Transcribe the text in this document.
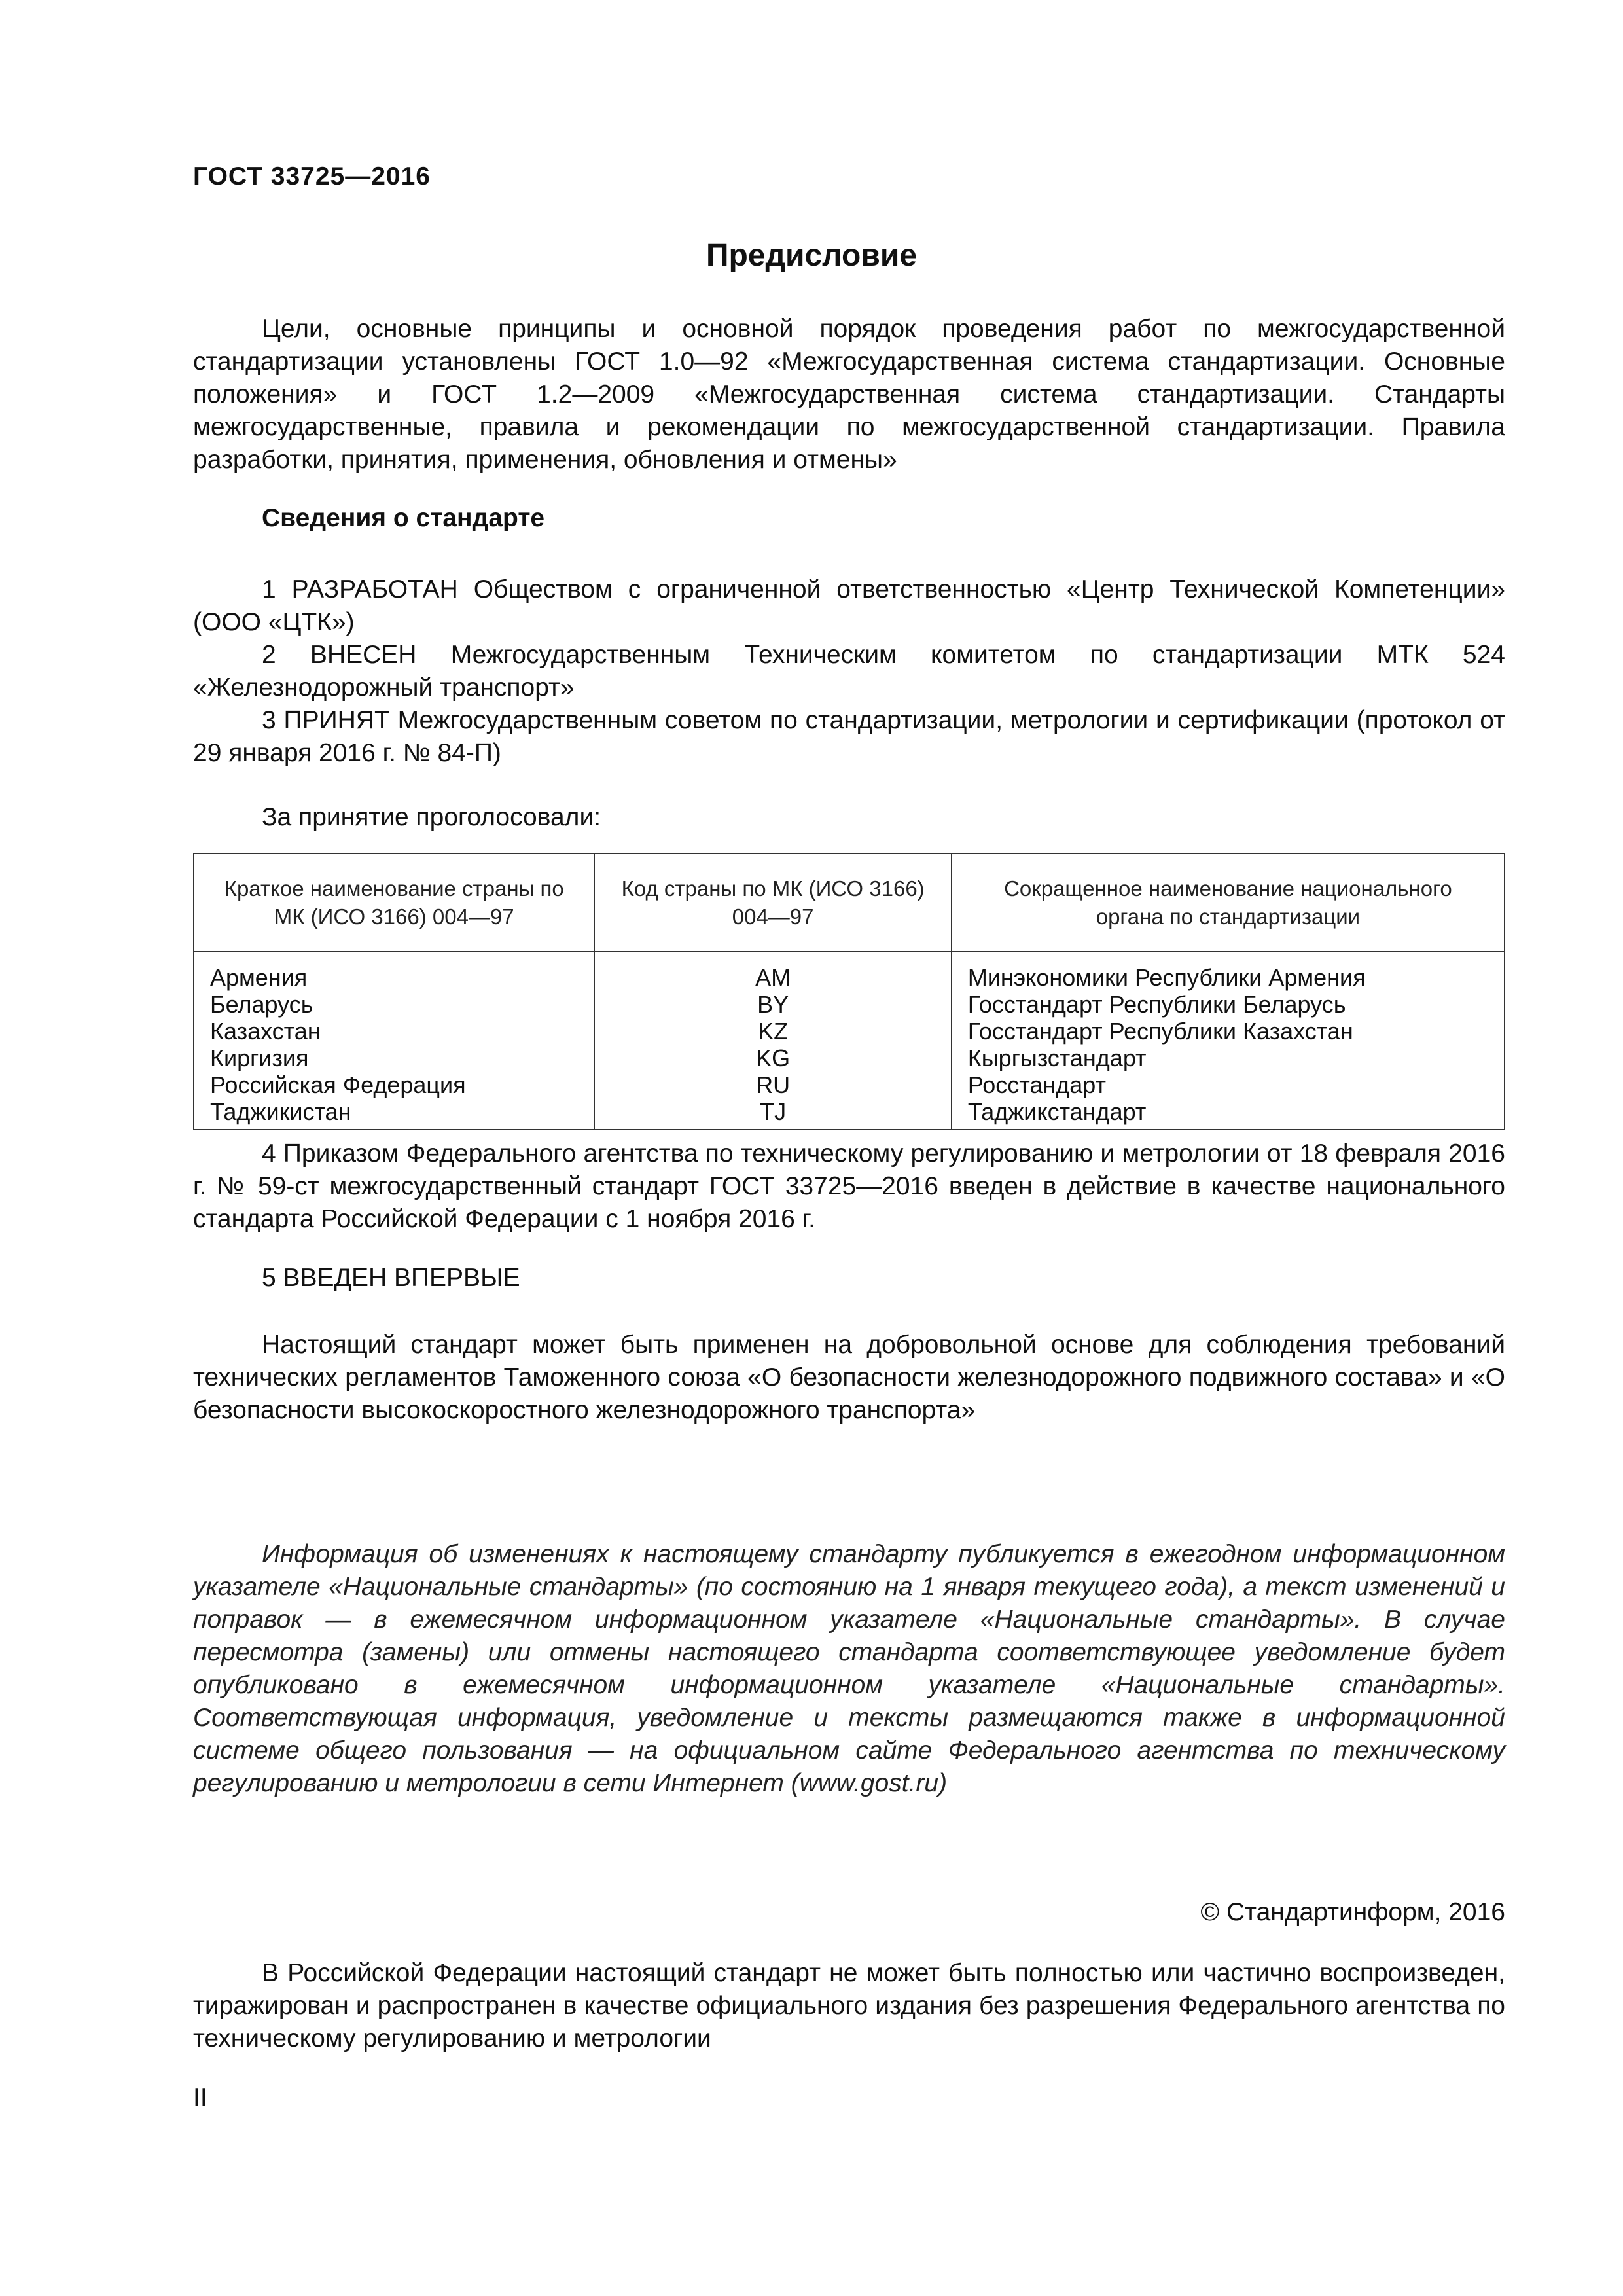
ГОСТ 33725—2016
Предисловие
Цели, основные принципы и основной порядок проведения работ по межгосударственной стандартизации установлены ГОСТ 1.0—92 «Межгосударственная система стандартизации. Основные положения» и ГОСТ 1.2—2009 «Межгосударственная система стандартизации. Стандарты межгосударственные, правила и рекомендации по межгосударственной стандартизации. Правила разработки, принятия, применения, обновления и отмены»
Сведения о стандарте
1 РАЗРАБОТАН Обществом с ограниченной ответственностью «Центр Технической Компетенции» (ООО «ЦТК»)
2 ВНЕСЕН Межгосударственным Техническим комитетом по стандартизации МТК 524 «Железнодорожный транспорт»
3 ПРИНЯТ Межгосударственным советом по стандартизации, метрологии и сертификации (протокол от 29 января 2016 г. № 84-П)
За принятие проголосовали:
Краткое наименование страны по МК (ИСО 3166) 004—97	Код страны по МК (ИСО 3166) 004—97	Сокращенное наименование национального органа по стандартизации
Армения	AM	Минэкономики Республики Армения
Беларусь	BY	Госстандарт Республики Беларусь
Казахстан	KZ	Госстандарт Республики Казахстан
Киргизия	KG	Кыргызстандарт
Российская Федерация	RU	Росстандарт
Таджикистан	TJ	Таджикстандарт
4 Приказом Федерального агентства по техническому регулированию и метрологии от 18 февраля 2016 г. № 59-ст межгосударственный стандарт ГОСТ 33725—2016 введен в действие в качестве национального стандарта Российской Федерации с 1 ноября 2016 г.
5 ВВЕДЕН ВПЕРВЫЕ
Настоящий стандарт может быть применен на добровольной основе для соблюдения требований технических регламентов Таможенного союза «О безопасности железнодорожного подвижного состава» и «О безопасности высокоскоростного железнодорожного транспорта»
Информация об изменениях к настоящему стандарту публикуется в ежегодном информационном указателе «Национальные стандарты» (по состоянию на 1 января текущего года), а текст изменений и поправок — в ежемесячном информационном указателе «Национальные стандарты». В случае пересмотра (замены) или отмены настоящего стандарта соответствующее уведомление будет опубликовано в ежемесячном информационном указателе «Национальные стандарты». Соответствующая информация, уведомление и тексты размещаются также в информационной системе общего пользования — на официальном сайте Федерального агентства по техническому регулированию и метрологии в сети Интернет (www.gost.ru)
© Стандартинформ, 2016
В Российской Федерации настоящий стандарт не может быть полностью или частично воспроизведен, тиражирован и распространен в качестве официального издания без разрешения Федерального агентства по техническому регулированию и метрологии
II
